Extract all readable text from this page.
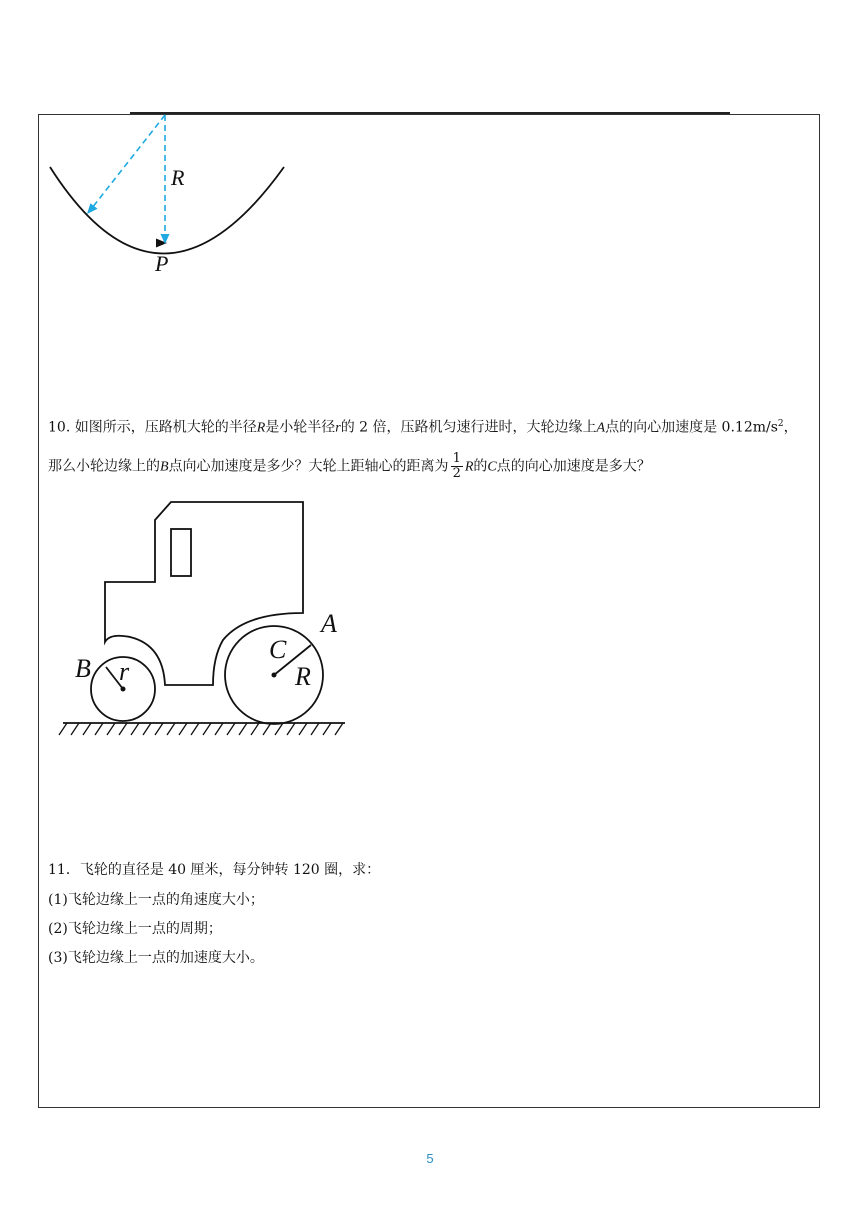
R
P
10. 如图所示，压路机大轮的半径R是小轮半径r的 2 倍，压路机匀速行进时，大轮边缘上A点的向心加速度是 $0.12m/s^2$，
那么小轮边缘上的B点向心加速度是多少？大轮上距轴心的距离为 $\frac{1}{2}$ R的C点的向心加速度是多大？
A
B
C
R
r
11．飞轮的直径是 40 厘米，每分钟转 120 圈，求：
(1)飞轮边缘上一点的角速度大小；
(2)飞轮边缘上一点的周期；
(3)飞轮边缘上一点的加速度大小。
5
